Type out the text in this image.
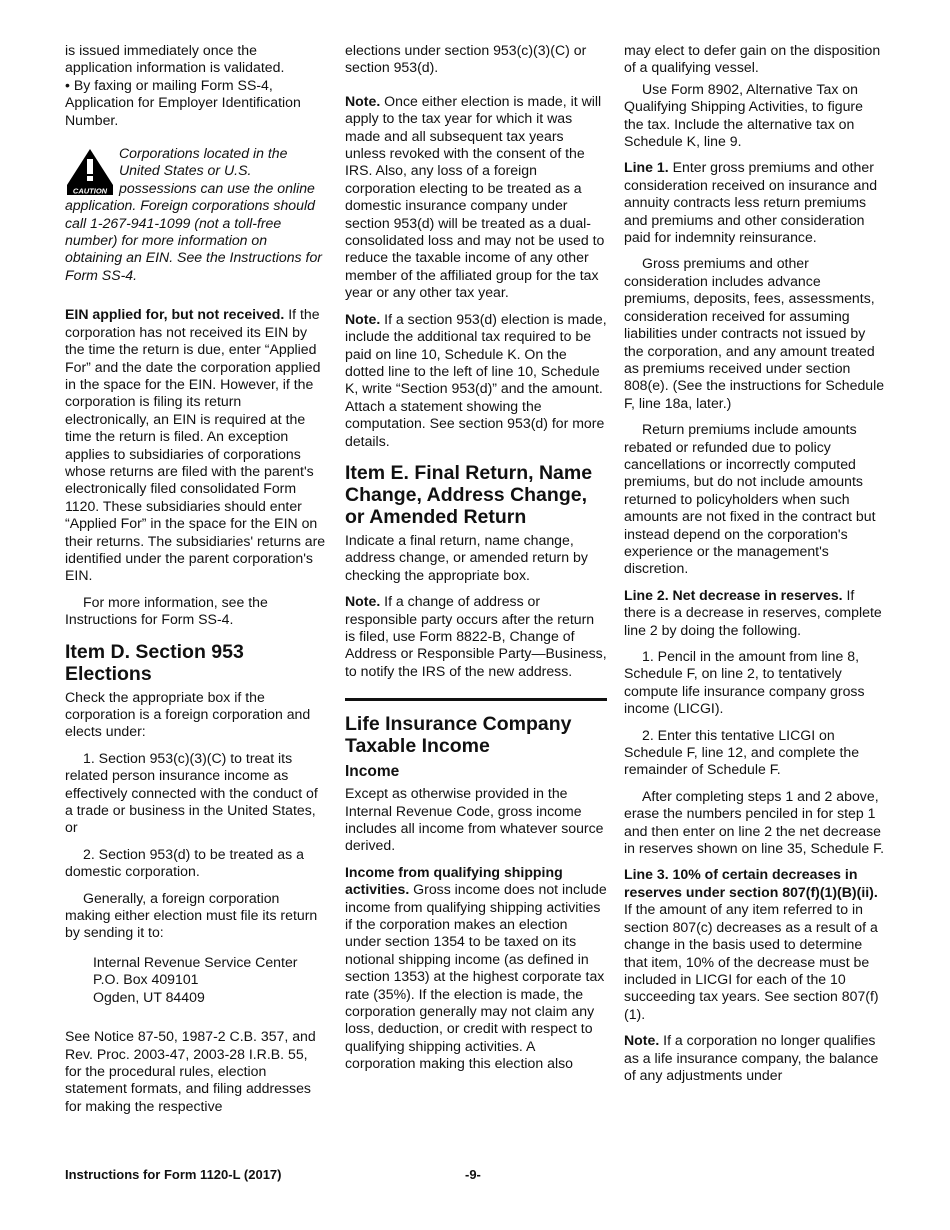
is issued immediately once the application information is validated.

• By faxing or mailing Form SS-4, Application for Employer Identification Number.

CAUTION
Corporations located in the United States or U.S. possessions can use the online application. Foreign corporations should call 1-267-941-1099 (not a toll-free number) for more information on obtaining an EIN. See the Instructions for Form SS-4.

EIN applied for, but not received. If the corporation has not received its EIN by the time the return is due, enter “Applied For” and the date the corporation applied in the space for the EIN. However, if the corporation is filing its return electronically, an EIN is required at the time the return is filed. An exception applies to subsidiaries of corporations whose returns are filed with the parent's electronically filed consolidated Form 1120. These subsidiaries should enter “Applied For” in the space for the EIN on their returns. The subsidiaries' returns are identified under the parent corporation's EIN.

For more information, see the Instructions for Form SS-4.

Item D. Section 953 Elections

Check the appropriate box if the corporation is a foreign corporation and elects under:

1. Section 953(c)(3)(C) to treat its related person insurance income as effectively connected with the conduct of a trade or business in the United States, or

2. Section 953(d) to be treated as a domestic corporation.

Generally, a foreign corporation making either election must file its return by sending it to:

Internal Revenue Service Center
P.O. Box 409101
Ogden, UT 84409

See Notice 87-50, 1987-2 C.B. 357, and Rev. Proc. 2003-47, 2003-28 I.R.B. 55, for the procedural rules, election statement formats, and filing addresses for making the respective

elections under section 953(c)(3)(C) or section 953(d).

Note. Once either election is made, it will apply to the tax year for which it was made and all subsequent tax years unless revoked with the consent of the IRS. Also, any loss of a foreign corporation electing to be treated as a domestic insurance company under section 953(d) will be treated as a dual-consolidated loss and may not be used to reduce the taxable income of any other member of the affiliated group for the tax year or any other tax year.

Note. If a section 953(d) election is made, include the additional tax required to be paid on line 10, Schedule K. On the dotted line to the left of line 10, Schedule K, write “Section 953(d)” and the amount. Attach a statement showing the computation. See section 953(d) for more details.

Item E. Final Return, Name Change, Address Change, or Amended Return

Indicate a final return, name change, address change, or amended return by checking the appropriate box.

Note. If a change of address or responsible party occurs after the return is filed, use Form 8822-B, Change of Address or Responsible Party—Business, to notify the IRS of the new address.

Life Insurance Company Taxable Income
Income

Except as otherwise provided in the Internal Revenue Code, gross income includes all income from whatever source derived.

Income from qualifying shipping activities. Gross income does not include income from qualifying shipping activities if the corporation makes an election under section 1354 to be taxed on its notional shipping income (as defined in section 1353) at the highest corporate tax rate (35%). If the election is made, the corporation generally may not claim any loss, deduction, or credit with respect to qualifying shipping activities. A corporation making this election also

may elect to defer gain on the disposition of a qualifying vessel.

Use Form 8902, Alternative Tax on Qualifying Shipping Activities, to figure the tax. Include the alternative tax on Schedule K, line 9.

Line 1. Enter gross premiums and other consideration received on insurance and annuity contracts less return premiums and premiums and other consideration paid for indemnity reinsurance.

Gross premiums and other consideration includes advance premiums, deposits, fees, assessments, consideration received for assuming liabilities under contracts not issued by the corporation, and any amount treated as premiums received under section 808(e). (See the instructions for Schedule F, line 18a, later.)

Return premiums include amounts rebated or refunded due to policy cancellations or incorrectly computed premiums, but do not include amounts returned to policyholders when such amounts are not fixed in the contract but instead depend on the corporation's experience or the management's discretion.

Line 2. Net decrease in reserves. If there is a decrease in reserves, complete line 2 by doing the following.

1. Pencil in the amount from line 8, Schedule F, on line 2, to tentatively compute life insurance company gross income (LICGI).

2. Enter this tentative LICGI on Schedule F, line 12, and complete the remainder of Schedule F.

After completing steps 1 and 2 above, erase the numbers penciled in for step 1 and then enter on line 2 the net decrease in reserves shown on line 35, Schedule F.

Line 3. 10% of certain decreases in reserves under section 807(f)(1)(B)(ii). If the amount of any item referred to in section 807(c) decreases as a result of a change in the basis used to determine that item, 10% of the decrease must be included in LICGI for each of the 10 succeeding tax years. See section 807(f)(1).

Note. If a corporation no longer qualifies as a life insurance company, the balance of any adjustments under

Instructions for Form 1120-L (2017)	-9-
